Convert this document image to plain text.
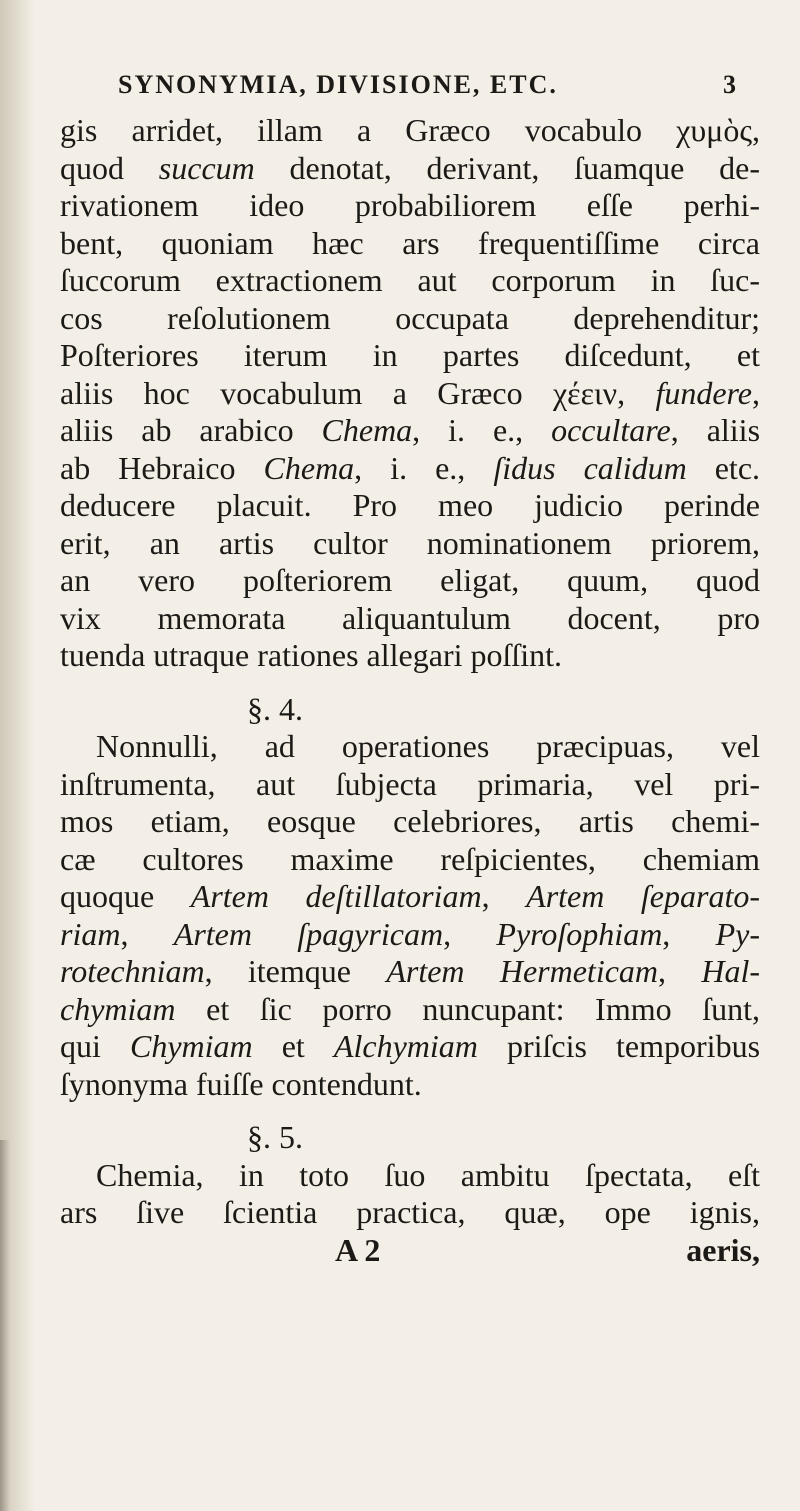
SYNONYMIA, DIVISIONE, ETC.	3
gis arridet, illam a Græco vocabulo χυμὸς,
quod succum denotat, derivant, ſuamque de-
rivationem ideo probabiliorem eſſe perhi-
bent, quoniam hæc ars frequentiſſime circa
ſuccorum extractionem aut corporum in ſuc-
cos reſolutionem occupata deprehenditur;
Poſteriores iterum in partes diſcedunt, et
aliis hoc vocabulum a Græco χέειν, fundere,
aliis ab arabico Chema, i. e., occultare, aliis
ab Hebraico Chema, i. e., ſidus calidum etc.
deducere placuit. Pro meo judicio perinde
erit, an artis cultor nominationem priorem,
an vero poſteriorem eligat, quum, quod
vix memorata aliquantulum docent, pro
tuenda utraque rationes allegari poſſint.
§. 4.
Nonnulli, ad operationes præcipuas, vel
inſtrumenta, aut ſubjecta primaria, vel pri-
mos etiam, eosque celebriores, artis chemi-
cæ cultores maxime reſpicientes, chemiam
quoque Artem deſtillatoriam, Artem ſeparato-
riam, Artem ſpagyricam, Pyroſophiam, Py-
rotechniam, itemque Artem Hermeticam, Hal-
chymiam et ſic porro nuncupant: Immo ſunt,
qui Chymiam et Alchymiam priſcis temporibus
ſynonyma fuiſſe contendunt.
§. 5.
Chemia, in toto ſuo ambitu ſpectata, eſt
ars ſive ſcientia practica, quæ, ope ignis,
A 2	aeris,
